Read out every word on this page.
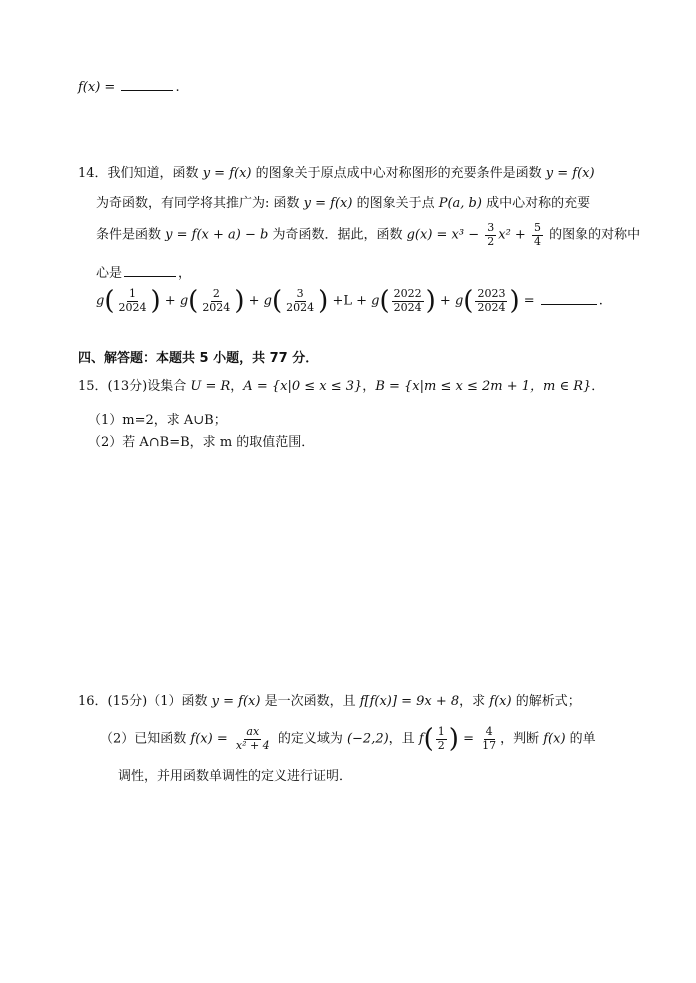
f(x) =	.
14．我们知道，函数 y = f(x) 的图象关于原点成中心对称图形的充要条件是函数 y = f(x)
为奇函数，有同学将其推广为: 函数 y = f(x) 的图象关于点 P(a, b) 成中心对称的充要
条件是函数 y = f(x + a) − b 为奇函数．据此，函数 $g(x) = x^3 - \frac{3}{2} x^2 + \frac{5}{4}$ 的图象的对称中
心是	，
$g( \frac{1}{2024}$ ) + $g( \frac{2}{2024}$ ) + $g( \frac{3}{2024}$ ) $+L + g( \frac{2022}{2024}$ ) + $g( \frac{2023}{2024}$ ) =	.
四、解答题：本题共 5 小题，共 77 分．
15．(13分)设集合 U = R，A = {x|0 ≤ x ≤ 3}，B = {x|m ≤ x ≤ 2m + 1，m ∈ R}．
（1）m=2，求 A∪B；
（2）若 A∩B=B，求 m 的取值范围．
16．(15分)（1）函数 y = f(x) 是一次函数，且 f[f(x)] = 9x + 8，求 f(x) 的解析式；
（2）已知函数 $f(x) = \frac{ax}{\text{x² + 4}}$ 的定义域为 (−2,2)，且 $f( \frac{1}{2}$ ) = $\frac{4}{17}$ ，判断 f(x) 的单
调性，并用函数单调性的定义进行证明．
